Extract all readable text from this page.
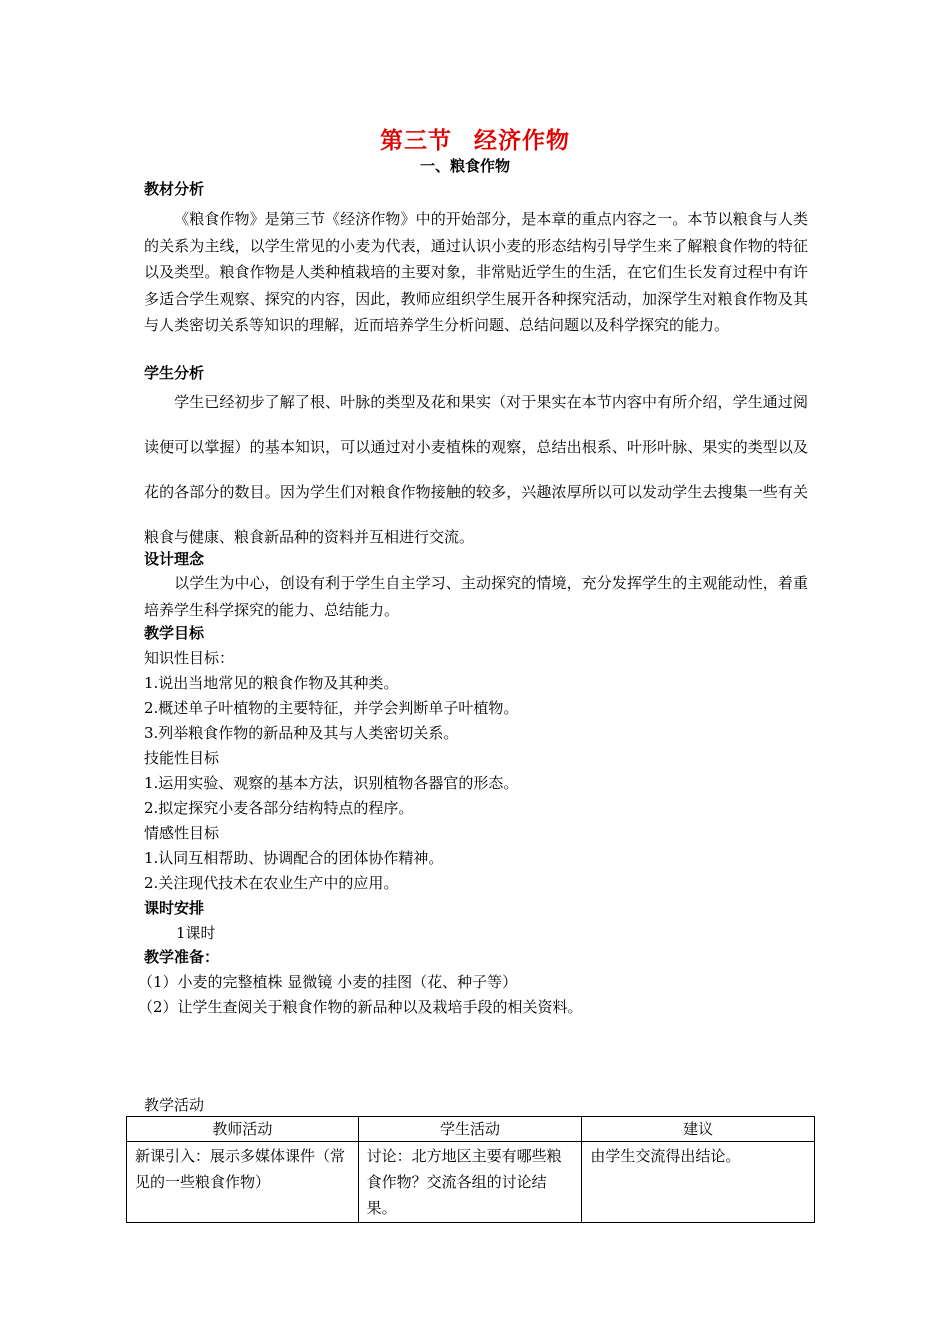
第三节 经济作物
一、粮食作物
教材分析
《粮食作物》是第三节《经济作物》中的开始部分，是本章的重点内容之一。本节以粮食与人类的关系为主线，以学生常见的小麦为代表，通过认识小麦的形态结构引导学生来了解粮食作物的特征以及类型。粮食作物是人类种植栽培的主要对象，非常贴近学生的生活，在它们生长发育过程中有许多适合学生观察、探究的内容，因此，教师应组织学生展开各种探究活动，加深学生对粮食作物及其与人类密切关系等知识的理解，近而培养学生分析问题、总结问题以及科学探究的能力。
学生分析
学生已经初步了解了根、叶脉的类型及花和果实（对于果实在本节内容中有所介绍，学生通过阅读便可以掌握）的基本知识，可以通过对小麦植株的观察，总结出根系、叶形叶脉、果实的类型以及花的各部分的数目。因为学生们对粮食作物接触的较多，兴趣浓厚所以可以发动学生去搜集一些有关粮食与健康、粮食新品种的资料并互相进行交流。
设计理念
以学生为中心，创设有利于学生自主学习、主动探究的情境，充分发挥学生的主观能动性，着重培养学生科学探究的能力、总结能力。
教学目标
知识性目标：
1.说出当地常见的粮食作物及其种类。
2.概述单子叶植物的主要特征，并学会判断单子叶植物。
3.列举粮食作物的新品种及其与人类密切关系。
技能性目标
1.运用实验、观察的基本方法，识别植物各器官的形态。
2.拟定探究小麦各部分结构特点的程序。
情感性目标
1.认同互相帮助、协调配合的团体协作精神。
2.关注现代技术在农业生产中的应用。
课时安排
1课时
教学准备：
（1）小麦的完整植株 显微镜 小麦的挂图（花、种子等）
（2）让学生查阅关于粮食作物的新品种以及栽培手段的相关资料。
教学活动
教师活动	学生活动	建议
新课引入：展示多媒体课件（常见的一些粮食作物）	讨论：北方地区主要有哪些粮食作物？交流各组的讨论结果。	由学生交流得出结论。
